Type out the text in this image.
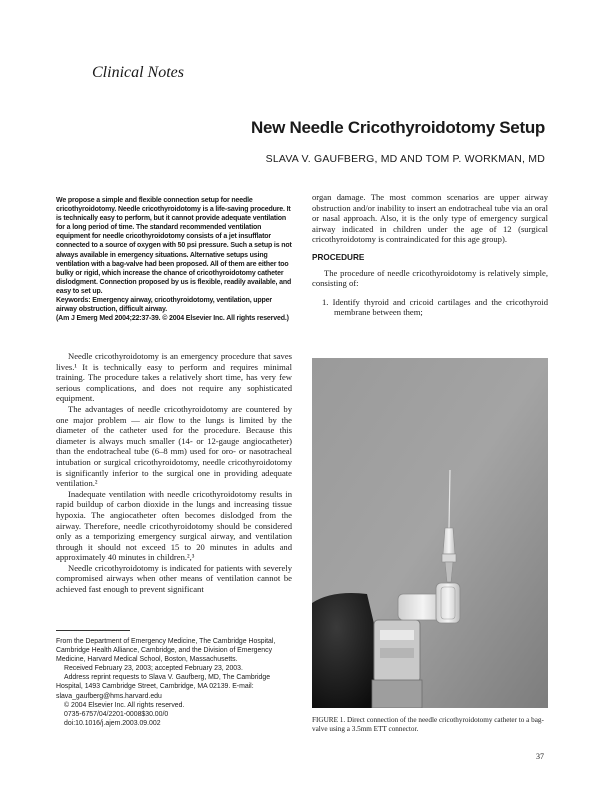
Clinical Notes
New Needle Cricothyroidotomy Setup
SLAVA V. GAUFBERG, MD AND TOM P. WORKMAN, MD

We propose a simple and flexible connection setup for needle cricothyroidotomy. Needle cricothyroidotomy is a life-saving procedure. It is technically easy to perform, but it cannot provide adequate ventilation for a long period of time. The standard recommended ventilation equipment for needle cricothyroidotomy consists of a jet insufflator connected to a source of oxygen with 50 psi pressure. Such a setup is not always available in emergency situations. Alternative setups using ventilation with a bag-valve had been proposed. All of them are either too bulky or rigid, which increase the chance of cricothyroidotomy catheter dislodgment. Connection proposed by us is flexible, readily available, and easy to set up.

Keywords: Emergency airway, cricothyroidotomy, ventilation, upper airway obstruction, difficult airway.

(Am J Emerg Med 2004;22:37-39. © 2004 Elsevier Inc. All rights reserved.)

Needle cricothyroidotomy is an emergency procedure that saves lives.¹ It is technically easy to perform and requires minimal training. The procedure takes a relatively short time, has very few serious complications, and does not require any sophisticated equipment.

The advantages of needle cricothyroidotomy are countered by one major problem — air flow to the lungs is limited by the diameter of the catheter used for the procedure. Because this diameter is always much smaller (14- or 12-gauge angiocatheter) than the endotracheal tube (6–8 mm) used for oro- or nasotracheal intubation or surgical cricothyroidotomy, needle cricothyroidotomy is significantly inferior to the surgical one in providing adequate ventilation.²

Inadequate ventilation with needle cricothyroidotomy results in rapid buildup of carbon dioxide in the lungs and increasing tissue hypoxia. The angiocatheter often becomes dislodged from the airway. Therefore, needle cricothyroidotomy should be considered only as a temporizing emergency surgical airway, and ventilation through it should not exceed 15 to 20 minutes in adults and approximately 40 minutes in children.²,³

Needle cricothyroidotomy is indicated for patients with severely compromised airways when other means of ventilation cannot be achieved fast enough to prevent significant

From the Department of Emergency Medicine, The Cambridge Hospital, Cambridge Health Alliance, Cambridge, and the Division of Emergency Medicine, Harvard Medical School, Boston, Massachusetts.

Received February 23, 2003; accepted February 23, 2003.

Address reprint requests to Slava V. Gaufberg, MD, The Cambridge Hospital, 1493 Cambridge Street, Cambridge, MA 02139. E-mail: slava_gaufberg@hms.harvard.edu

© 2004 Elsevier Inc. All rights reserved.

0735-6757/04/2201-0008$30.00/0

doi:10.1016/j.ajem.2003.09.002

organ damage. The most common scenarios are upper airway obstruction and/or inability to insert an endotracheal tube via an oral or nasal approach. Also, it is the only type of emergency surgical airway indicated in children under the age of 12 (surgical cricothyroidotomy is contraindicated for this age group).

PROCEDURE

The procedure of needle cricothyroidotomy is relatively simple, consisting of:

1. Identify thyroid and cricoid cartilages and the cricothyroid membrane between them;

FIGURE 1. Direct connection of the needle cricothyroidotomy catheter to a bag-valve using a 3.5mm ETT connector.
37
